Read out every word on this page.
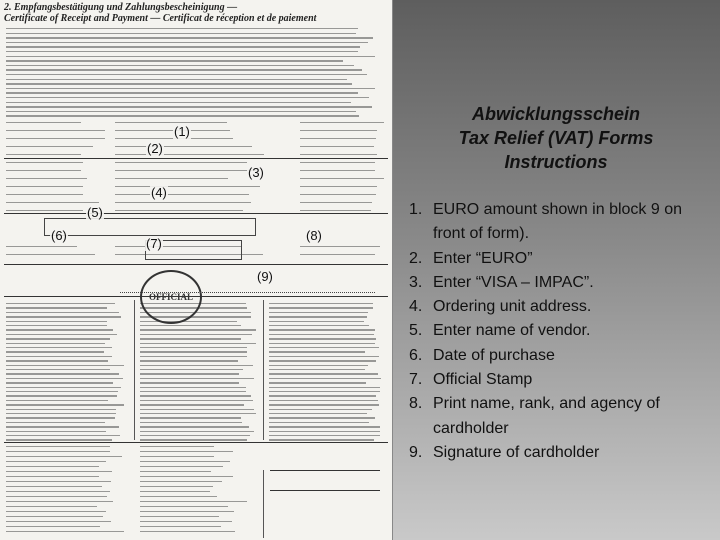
2. Empfangsbestätigung und Zahlungsbescheinigung —
Certificate of Receipt and Payment — Certificat de réception et de paiement
OFFICIAL
(1)
(2)
(3)
(4)
(5)
(6)
(7)
(8)
(9)
Abwicklungsschein
Tax Relief (VAT) Forms
Instructions
1. EURO amount shown in block 9 on front of form).
2. Enter “EURO”
3. Enter “VISA – IMPAC”.
4. Ordering unit address.
5. Enter name of vendor.
6. Date of purchase
7. Official Stamp
8. Print name, rank, and agency of cardholder
9. Signature of cardholder
